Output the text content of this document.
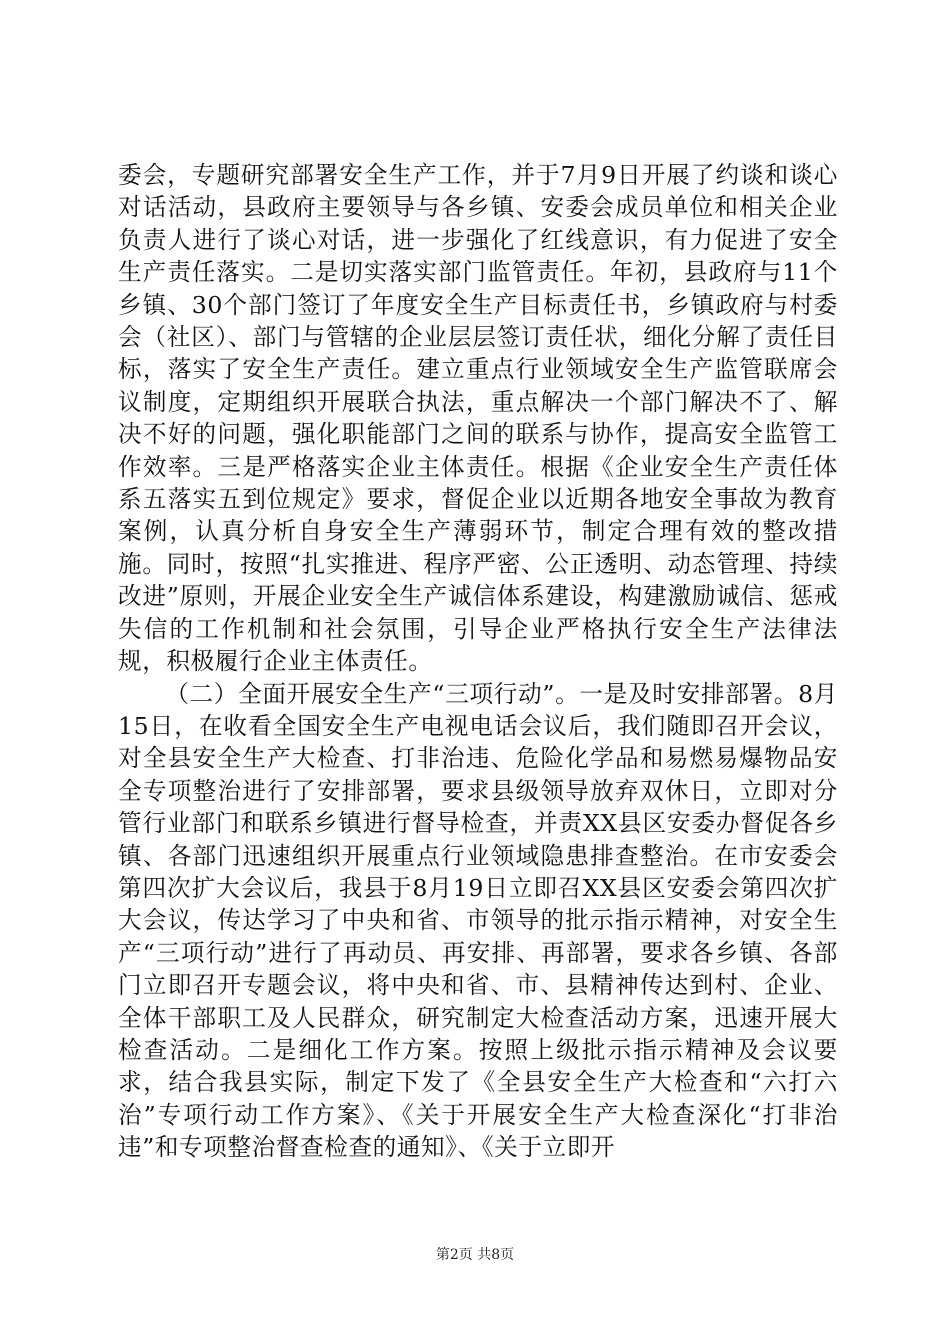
委会，专题研究部署安全生产工作，并于7月9日开展了约谈和谈心对话活动，县政府主要领导与各乡镇、安委会成员单位和相关企业负责人进行了谈心对话，进一步强化了红线意识，有力促进了安全生产责任落实。二是切实落实部门监管责任。年初，县政府与11个乡镇、30个部门签订了年度安全生产目标责任书，乡镇政府与村委会（社区）、部门与管辖的企业层层签订责任状，细化分解了责任目标，落实了安全生产责任。建立重点行业领域安全生产监管联席会议制度，定期组织开展联合执法，重点解决一个部门解决不了、解决不好的问题，强化职能部门之间的联系与协作，提高安全监管工作效率。三是严格落实企业主体责任。根据《企业安全生产责任体系五落实五到位规定》要求，督促企业以近期各地安全事故为教育案例，认真分析自身安全生产薄弱环节，制定合理有效的整改措施。同时，按照“扎实推进、程序严密、公正透明、动态管理、持续改进”原则，开展企业安全生产诚信体系建设，构建激励诚信、惩戒失信的工作机制和社会氛围，引导企业严格执行安全生产法律法规，积极履行企业主体责任。

（二）全面开展安全生产“三项行动”。一是及时安排部署。8月15日，在收看全国安全生产电视电话会议后，我们随即召开会议，对全县安全生产大检查、打非治违、危险化学品和易燃易爆物品安全专项整治进行了安排部署，要求县级领导放弃双休日，立即对分管行业部门和联系乡镇进行督导检查，并责XX县区安委办督促各乡镇、各部门迅速组织开展重点行业领域隐患排查整治。在市安委会第四次扩大会议后，我县于8月19日立即召XX县区安委会第四次扩大会议，传达学习了中央和省、市领导的批示指示精神，对安全生产“三项行动”进行了再动员、再安排、再部署，要求各乡镇、各部门立即召开专题会议，将中央和省、市、县精神传达到村、企业、全体干部职工及人民群众，研究制定大检查活动方案，迅速开展大检查活动。二是细化工作方案。按照上级批示指示精神及会议要求，结合我县实际，制定下发了《全县安全生产大检查和“六打六治”专项行动工作方案》、《关于开展安全生产大检查深化“打非治违”和专项整治督查检查的通知》、《关于立即开

第2页 共8页
